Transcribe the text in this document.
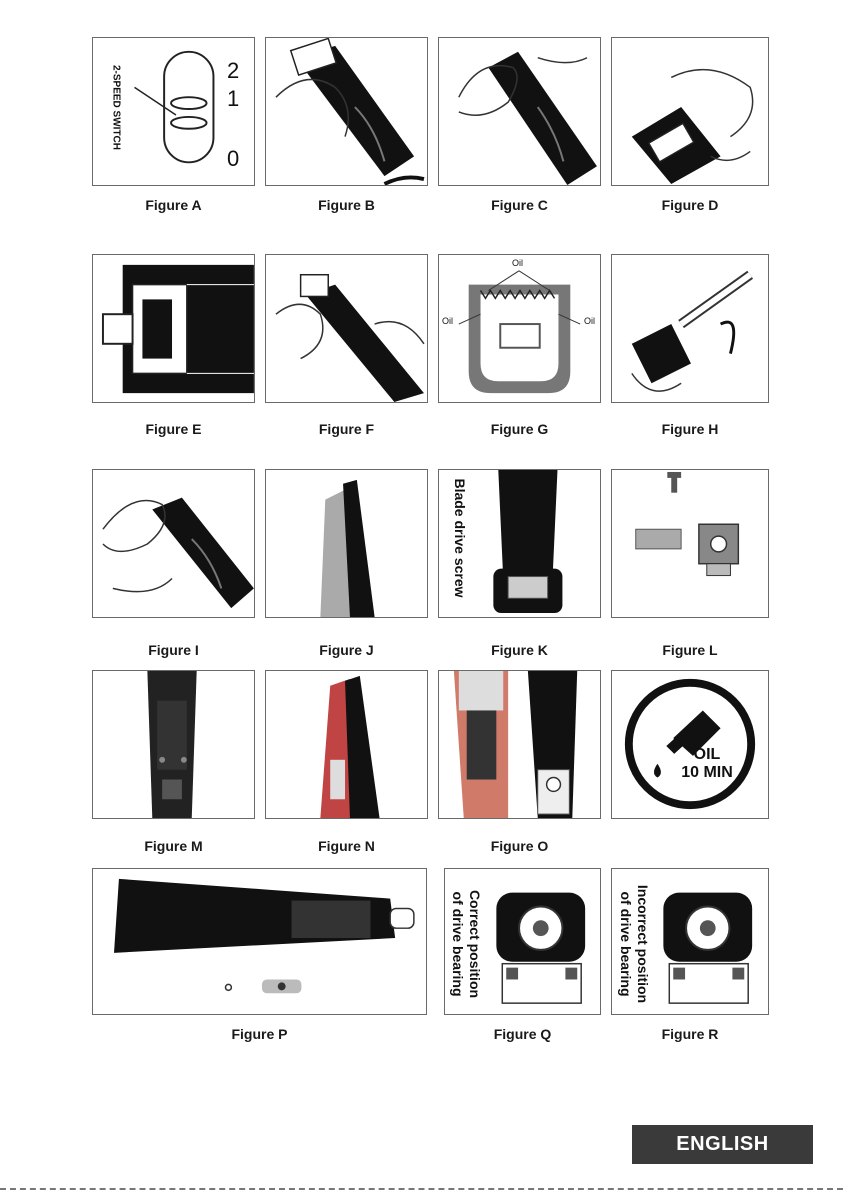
2-SPEED SWITCH	2
1
0
Figure A	Figure B	Figure C	Figure D
Figure E	Figure F
Oil
Oil	Oil
Figure G	Figure H
Figure I	Figure J
Blade drive screw
Figure K	Figure L
Figure M	Figure N	Figure O
OIL
10 MIN
Figure P
Correct position
of drive bearing
Figure Q
Incorrect position
of drive bearing
Figure R
ENGLISH
